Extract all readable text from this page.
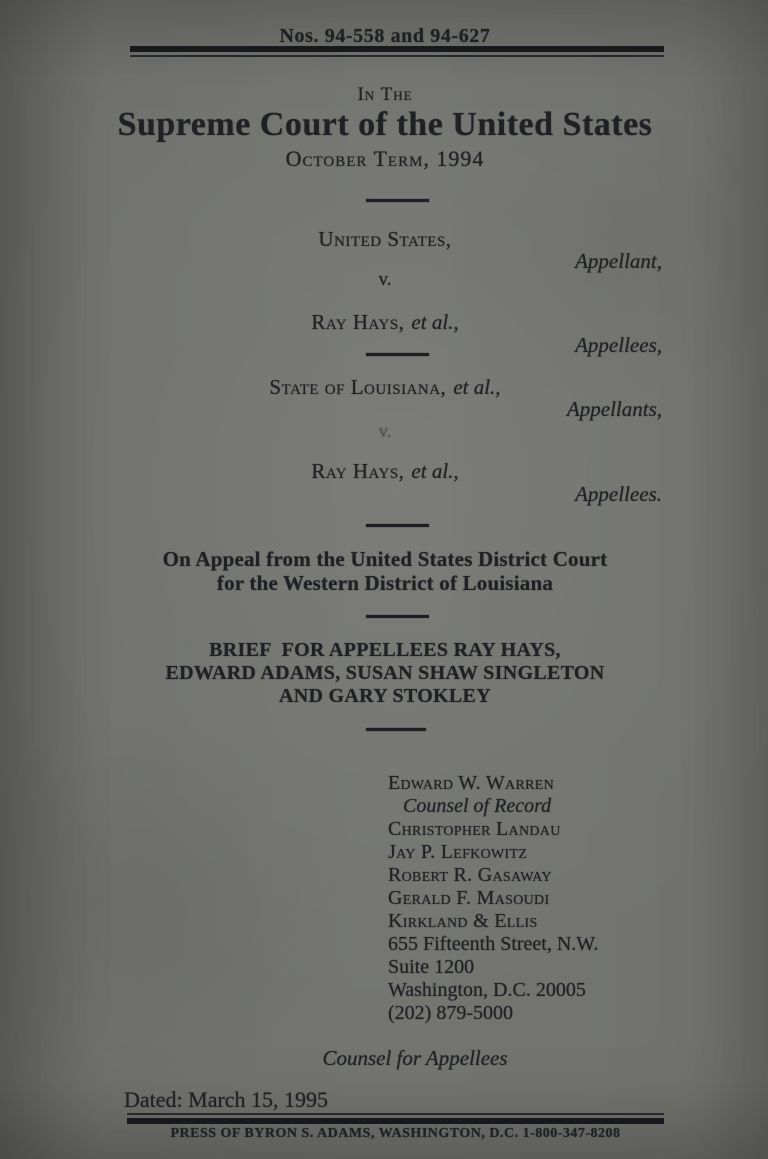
Nos. 94-558 and 94-627
In The
Supreme Court of the United States
October Term, 1994
United States,
Appellant,
v.
Ray Hays, et al.,
Appellees,
State of Louisiana, et al.,
Appellants,
v.
Ray Hays, et al.,
Appellees.
On Appeal from the United States District Court
for the Western District of Louisiana
BRIEF  FOR APPELLEES RAY HAYS,
EDWARD ADAMS, SUSAN SHAW SINGLETON
AND GARY STOKLEY
Edward W. Warren
Counsel of Record
Christopher Landau
Jay P. Lefkowitz
Robert R. Gasaway
Gerald F. Masoudi
Kirkland & Ellis
655 Fifteenth Street, N.W.
Suite 1200
Washington, D.C. 20005
(202) 879-5000
Counsel for Appellees
Dated: March 15, 1995
PRESS OF BYRON S. ADAMS, WASHINGTON, D.C. 1-800-347-8208
